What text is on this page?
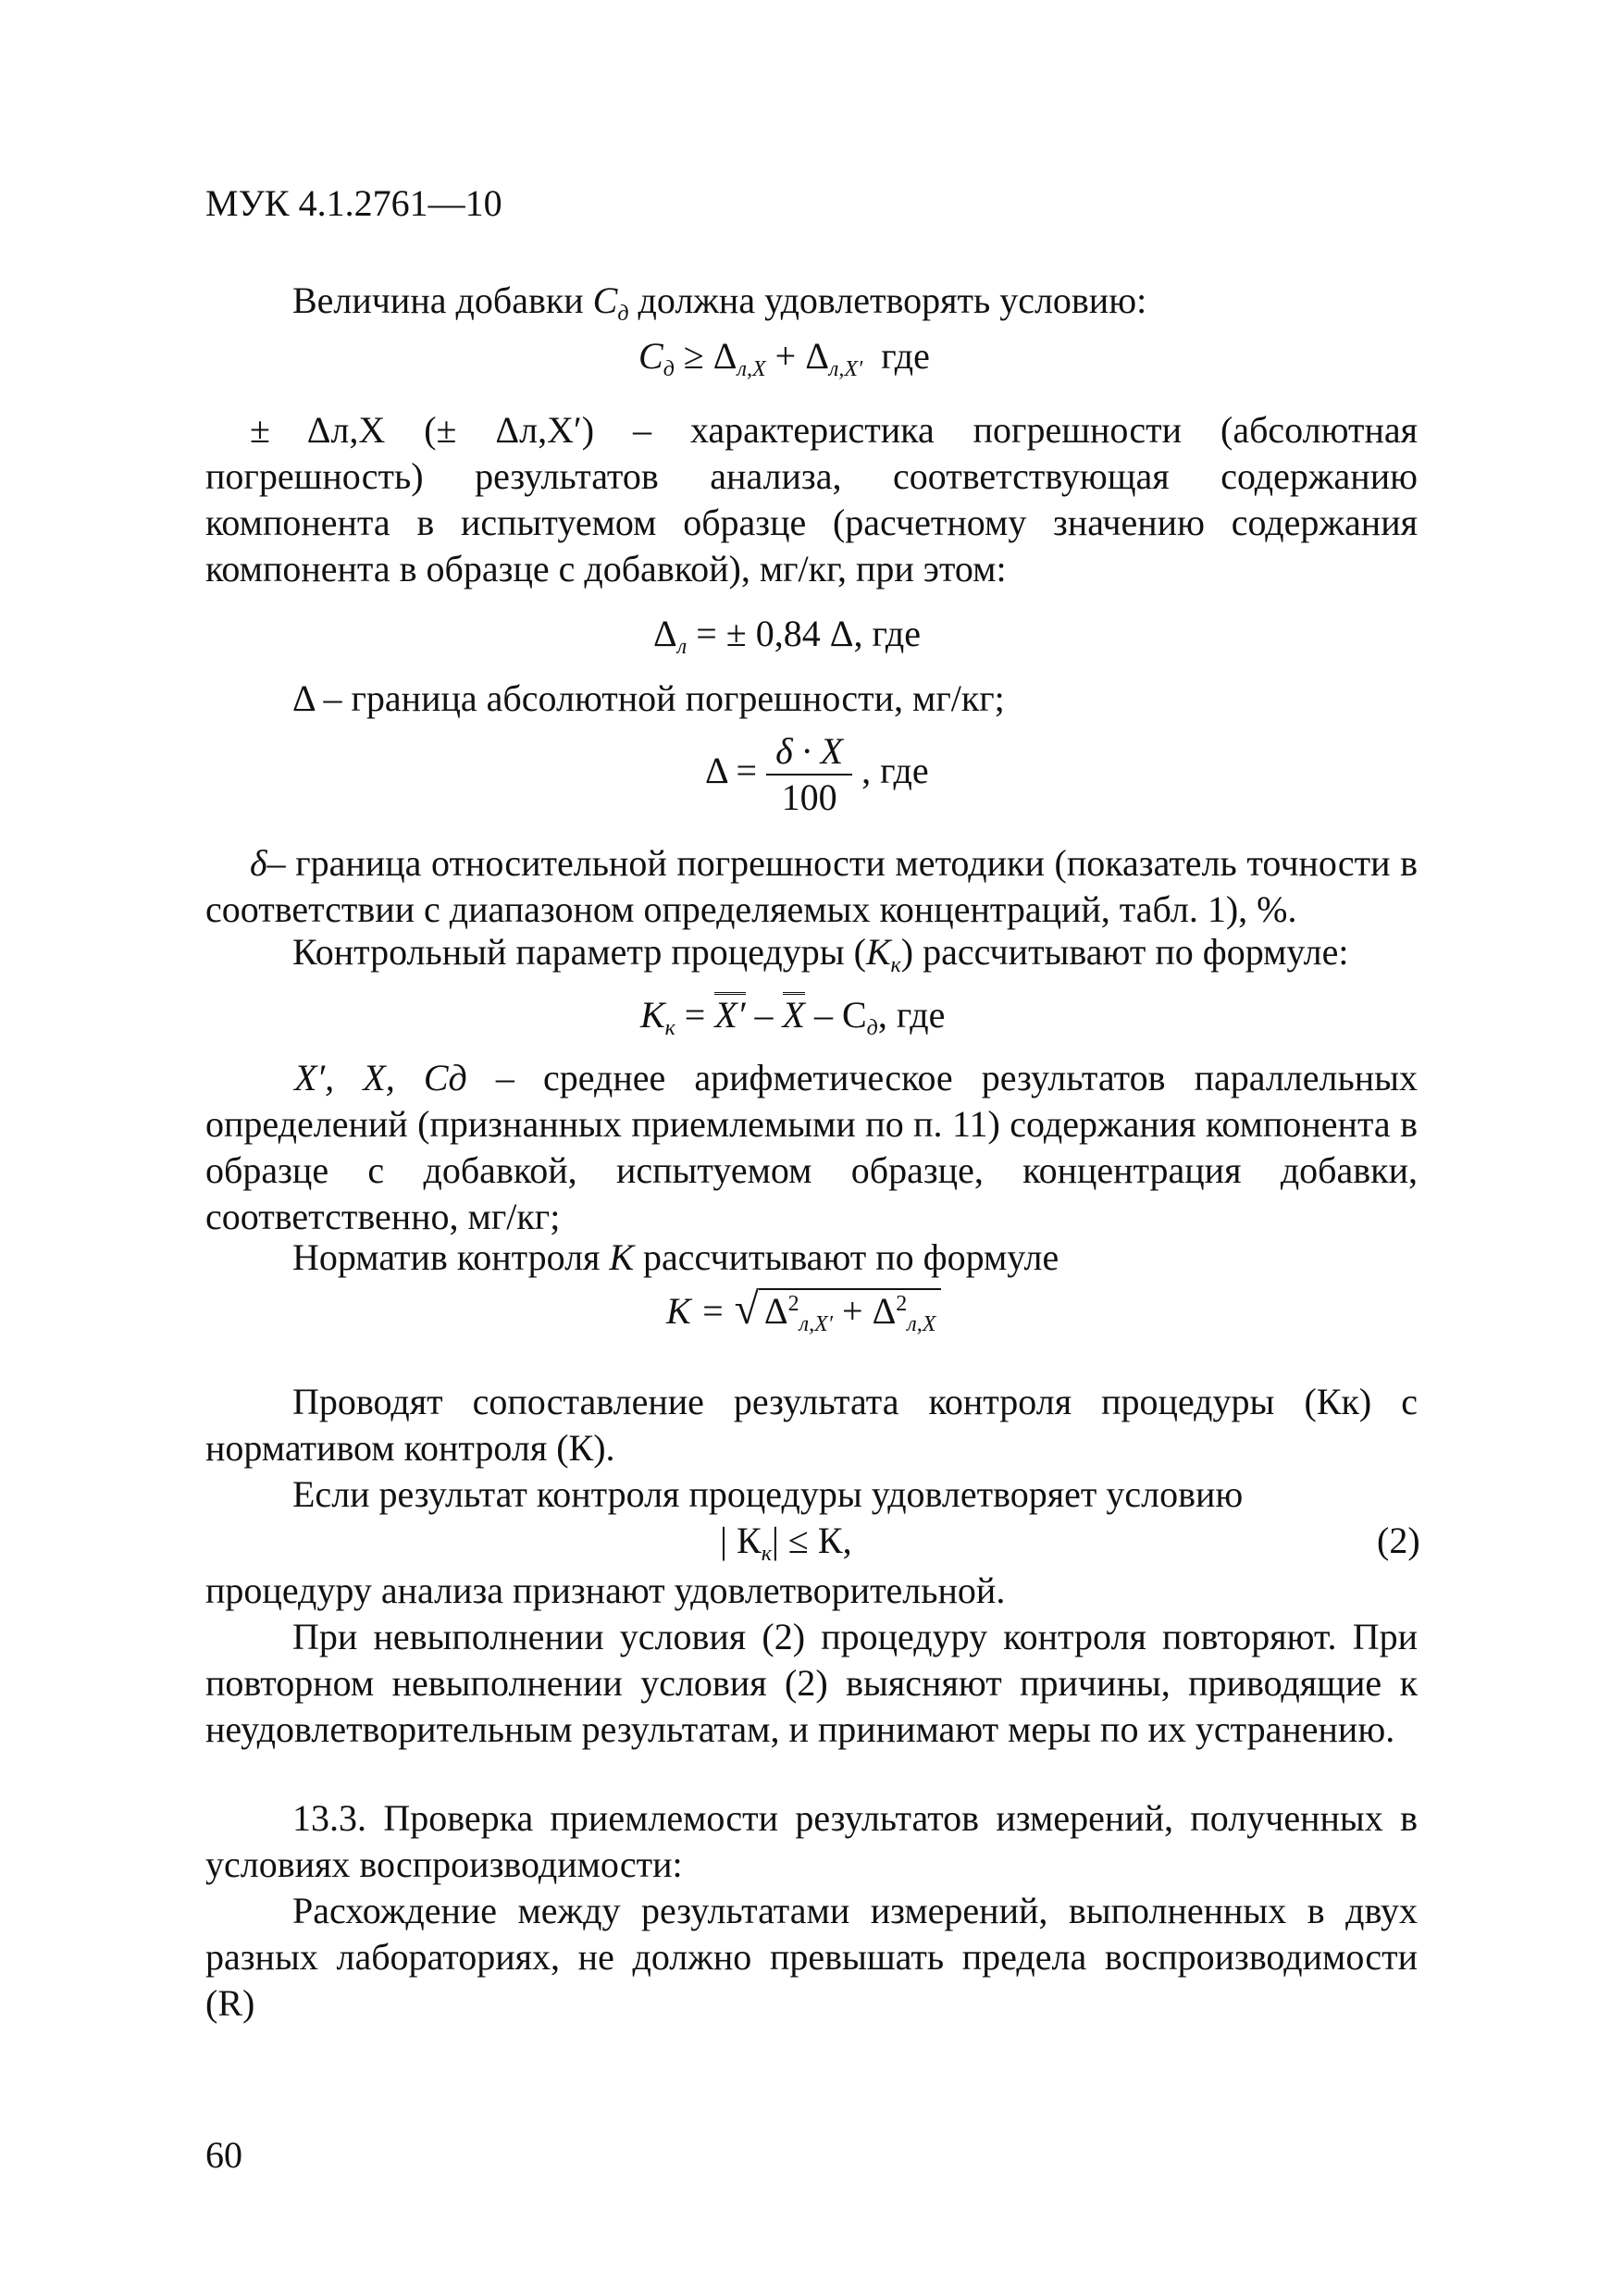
МУК 4.1.2761—10
Величина добавки $С_д$ должна удовлетворять условию:
$С_д \ge \Delta_{л,X} + \Delta_{л,X'}$ где
± Δл,X (± Δл,X′) – характеристика погрешности (абсолютная погрешность) результатов анализа, соответствующая содержанию компонента в испытуемом образце (расчетному значению содержания компонента в образце с добавкой), мг/кг, при этом:
$\Delta_л$ = ± 0,84 Δ, где
Δ – граница абсолютной погрешности, мг/кг;
$\Delta = \frac{\delta \cdot X}{100}$ , где
δ– граница относительной погрешности методики (показатель точности в соответствии с диапазоном определяемых концентраций, табл. 1), %.
Контрольный параметр процедуры $(К_к)$ рассчитывают по формуле:
$К_к = X' - X - С_д$, где
X′, X, Сд – среднее арифметическое результатов параллельных определений (признанных приемлемыми по п. 11) содержания компонента в образце с добавкой, испытуемом образце, концентрация добавки, соответственно, мг/кг;
Норматив контроля К рассчитывают по формуле
К = √ $\Delta^2_{л,X'} + \Delta^2_{л,X}$
Проводят сопоставление результата контроля процедуры (Кк) с нормативом контроля (К).
Если результат контроля процедуры удовлетворяет условию
| $К_к| \le К$,	(2)
процедуру анализа признают удовлетворительной.
При невыполнении условия (2) процедуру контроля повторяют. При повторном невыполнении условия (2) выясняют причины, приводящие к неудовлетворительным результатам, и принимают меры по их устранению.
13.3. Проверка приемлемости результатов измерений, полученных в условиях воспроизводимости:
Расхождение между результатами измерений, выполненных в двух разных лабораториях, не должно превышать предела воспроизводимости (R)
60
